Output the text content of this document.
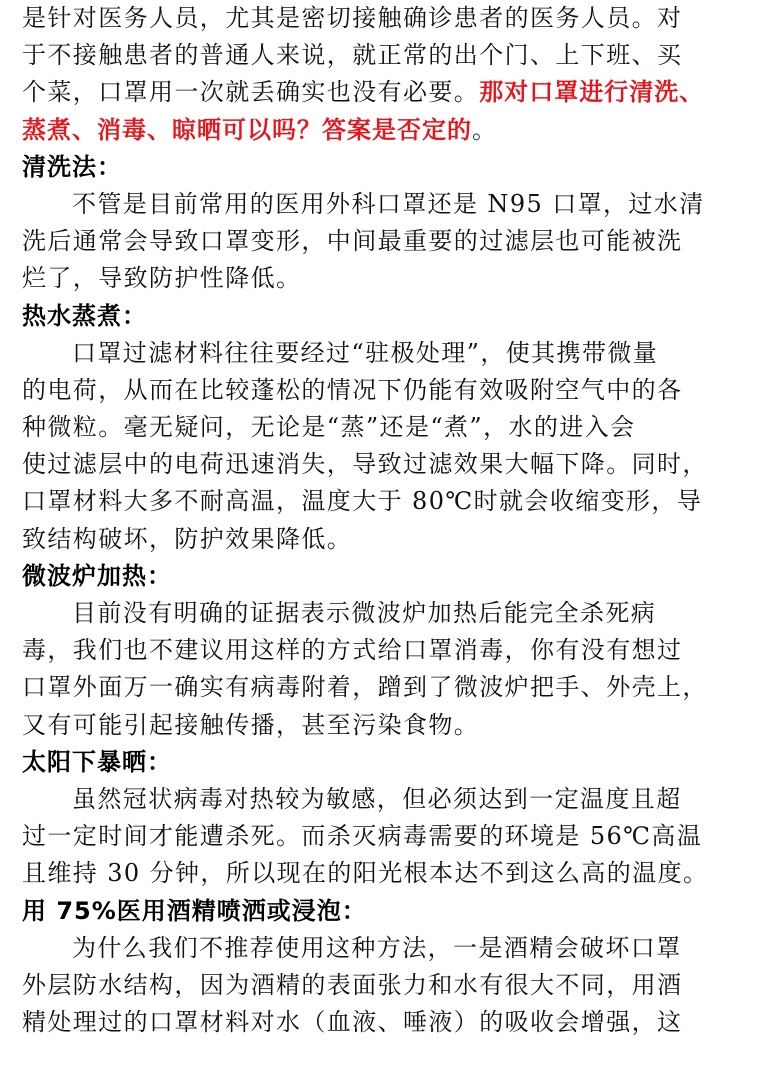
是针对医务人员，尤其是密切接触确诊患者的医务人员。对
于不接触患者的普通人来说，就正常的出个门、上下班、买
个菜，口罩用一次就丢确实也没有必要。那对口罩进行清洗、
蒸煮、消毒、晾晒可以吗？答案是否定的。
清洗法：
不管是目前常用的医用外科口罩还是 N95 口罩，过水清
洗后通常会导致口罩变形，中间最重要的过滤层也可能被洗
烂了，导致防护性降低。
热水蒸煮：
口罩过滤材料往往要经过“驻极处理”，使其携带微量
的电荷，从而在比较蓬松的情况下仍能有效吸附空气中的各
种微粒。毫无疑问，无论是“蒸”还是“煮”，水的进入会
使过滤层中的电荷迅速消失，导致过滤效果大幅下降。同时，
口罩材料大多不耐高温，温度大于 80℃时就会收缩变形，导
致结构破坏，防护效果降低。
微波炉加热：
目前没有明确的证据表示微波炉加热后能完全杀死病
毒，我们也不建议用这样的方式给口罩消毒，你有没有想过
口罩外面万一确实有病毒附着，蹭到了微波炉把手、外壳上，
又有可能引起接触传播，甚至污染食物。
太阳下暴晒：
虽然冠状病毒对热较为敏感，但必须达到一定温度且超
过一定时间才能遭杀死。而杀灭病毒需要的环境是 56℃高温
且维持 30 分钟，所以现在的阳光根本达不到这么高的温度。
用 75%医用酒精喷洒或浸泡：
为什么我们不推荐使用这种方法，一是酒精会破坏口罩
外层防水结构，因为酒精的表面张力和水有很大不同，用酒
精处理过的口罩材料对水（血液、唾液）的吸收会增强，这
